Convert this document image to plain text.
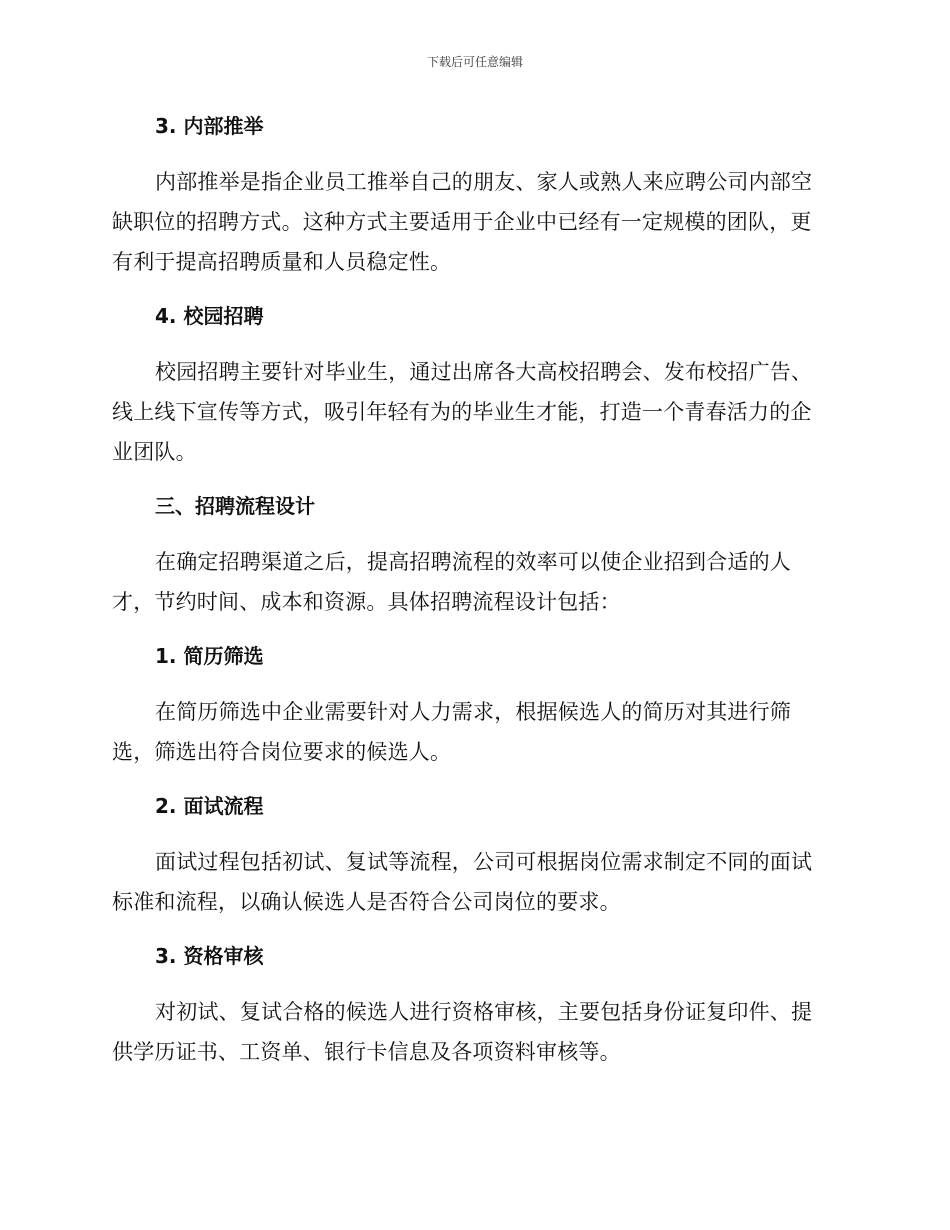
下载后可任意编辑
3. 内部推举
内部推举是指企业员工推举自己的朋友、家人或熟人来应聘公司内部空
缺职位的招聘方式。这种方式主要适用于企业中已经有一定规模的团队，更
有利于提高招聘质量和人员稳定性。
4. 校园招聘
校园招聘主要针对毕业生，通过出席各大高校招聘会、发布校招广告、
线上线下宣传等方式，吸引年轻有为的毕业生才能，打造一个青春活力的企
业团队。
三、招聘流程设计
在确定招聘渠道之后，提高招聘流程的效率可以使企业招到合适的人
才，节约时间、成本和资源。具体招聘流程设计包括：
1. 简历筛选
在简历筛选中企业需要针对人力需求，根据候选人的简历对其进行筛
选，筛选出符合岗位要求的候选人。
2. 面试流程
面试过程包括初试、复试等流程，公司可根据岗位需求制定不同的面试
标准和流程，以确认候选人是否符合公司岗位的要求。
3. 资格审核
对初试、复试合格的候选人进行资格审核，主要包括身份证复印件、提
供学历证书、工资单、银行卡信息及各项资料审核等。
